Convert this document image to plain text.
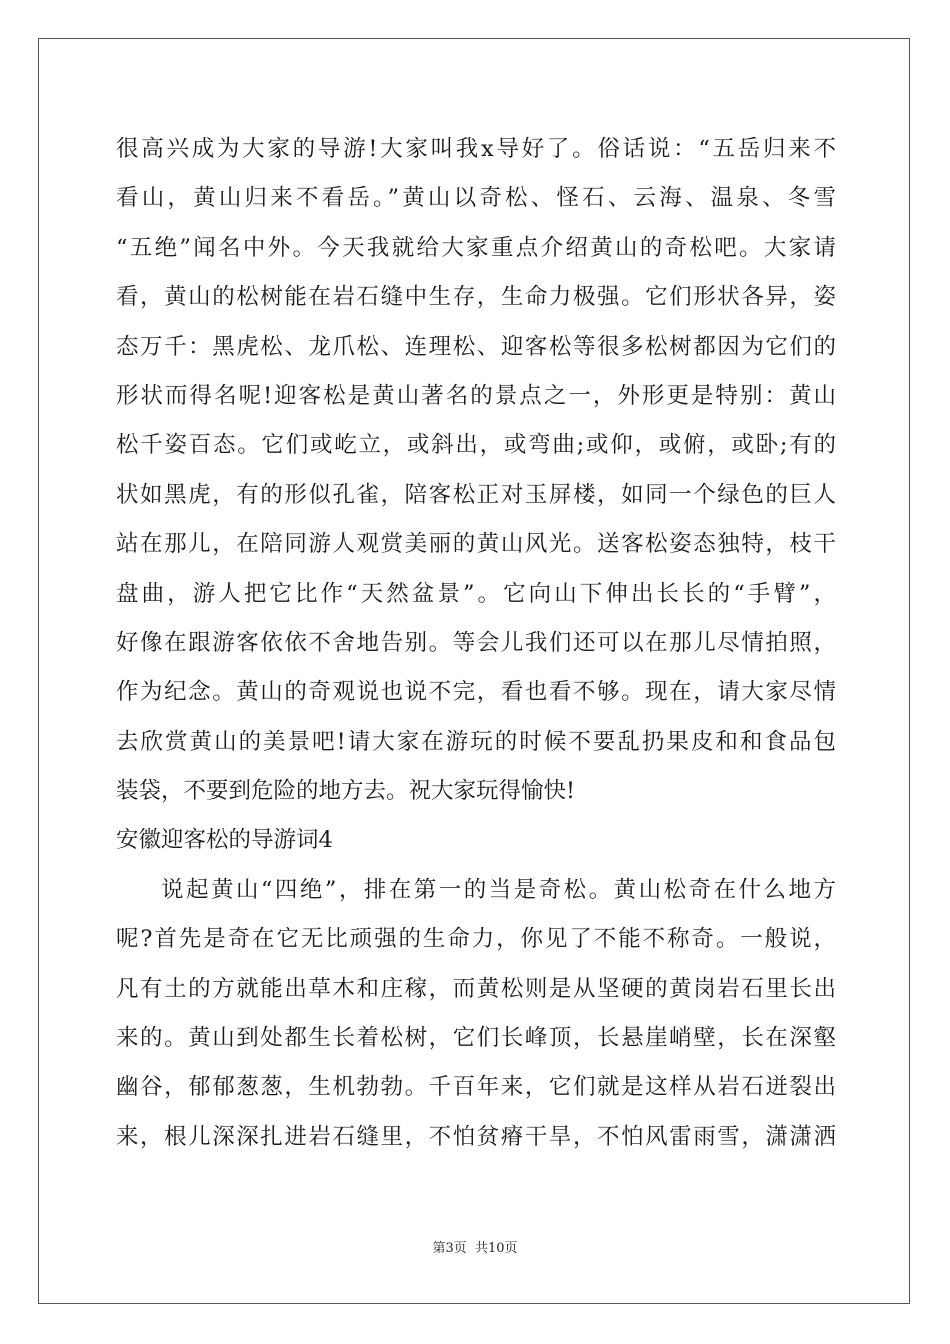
很高兴成为大家的导游!大家叫我x导好了。俗话说：“五岳归来不
看山，黄山归来不看岳。”黄山以奇松、怪石、云海、温泉、冬雪
“五绝”闻名中外。今天我就给大家重点介绍黄山的奇松吧。大家请
看，黄山的松树能在岩石缝中生存，生命力极强。它们形状各异，姿
态万千：黑虎松、龙爪松、连理松、迎客松等很多松树都因为它们的
形状而得名呢!迎客松是黄山著名的景点之一，外形更是特别：黄山
松千姿百态。它们或屹立，或斜出，或弯曲;或仰，或俯，或卧;有的
状如黑虎，有的形似孔雀，陪客松正对玉屏楼，如同一个绿色的巨人
站在那儿，在陪同游人观赏美丽的黄山风光。送客松姿态独特，枝干
盘曲，游人把它比作“天然盆景”。它向山下伸出长长的“手臂”，
好像在跟游客依依不舍地告别。等会儿我们还可以在那儿尽情拍照，
作为纪念。黄山的奇观说也说不完，看也看不够。现在，请大家尽情
去欣赏黄山的美景吧!请大家在游玩的时候不要乱扔果皮和和食品包
装袋，不要到危险的地方去。祝大家玩得愉快!
安徽迎客松的导游词4
说起黄山“四绝”，排在第一的当是奇松。黄山松奇在什么地方
呢?首先是奇在它无比顽强的生命力，你见了不能不称奇。一般说，
凡有土的方就能出草木和庄稼，而黄松则是从坚硬的黄岗岩石里长出
来的。黄山到处都生长着松树，它们长峰顶，长悬崖峭壁，长在深壑
幽谷，郁郁葱葱，生机勃勃。千百年来，它们就是这样从岩石迸裂出
来，根儿深深扎进岩石缝里，不怕贫瘠干旱，不怕风雷雨雪，潇潇洒
第3页  共10页
